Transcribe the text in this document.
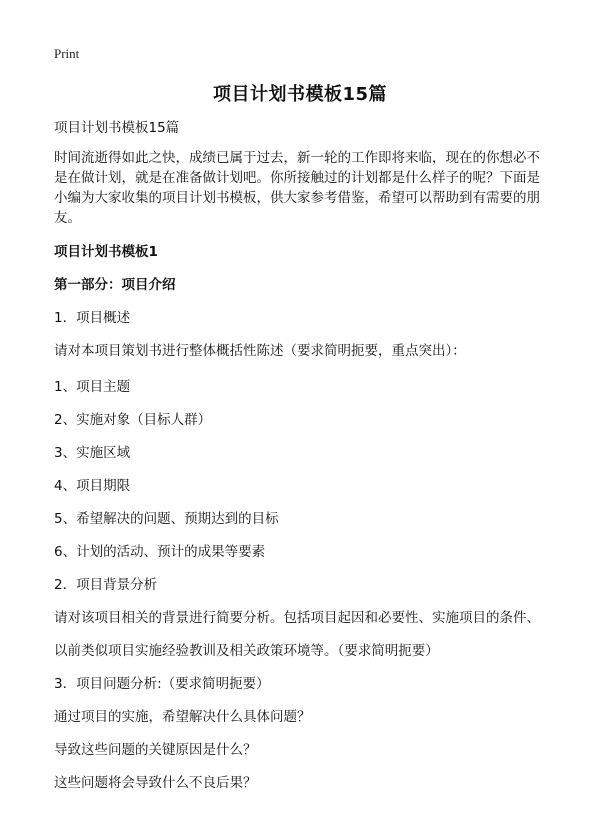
Print
项目计划书模板15篇

项目计划书模板15篇

时间流逝得如此之快，成绩已属于过去，新一轮的工作即将来临，现在的你想必不是在做计划，就是在准备做计划吧。你所接触过的计划都是什么样子的呢？下面是小编为大家收集的项目计划书模板，供大家参考借鉴，希望可以帮助到有需要的朋友。

项目计划书模板1

第一部分：项目介绍

1．项目概述

请对本项目策划书进行整体概括性陈述（要求简明扼要，重点突出）：

1、项目主题

2、实施对象（目标人群）

3、实施区域

4、项目期限

5、希望解决的问题、预期达到的目标

6、计划的活动、预计的成果等要素

2．项目背景分析

请对该项目相关的背景进行简要分析。包括项目起因和必要性、实施项目的条件、

以前类似项目实施经验教训及相关政策环境等。（要求简明扼要）

3．项目问题分析:（要求简明扼要）

通过项目的实施，希望解决什么具体问题？

导致这些问题的关键原因是什么？

这些问题将会导致什么不良后果？
